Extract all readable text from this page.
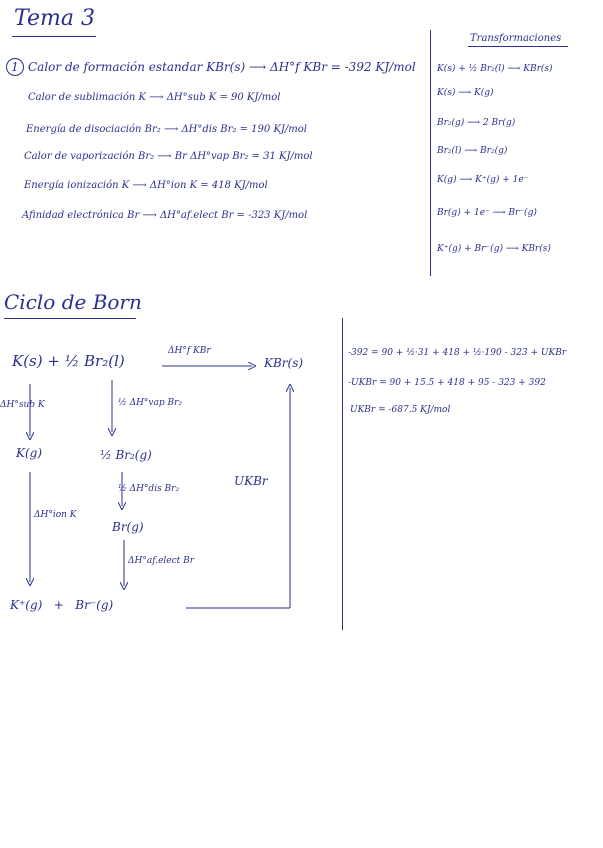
Tema 3
1 Calor de formación estandar KBr(s) ⟶ ΔH°f KBr = -392 KJ/mol
Calor de sublimación K ⟶ ΔH°sub K = 90 KJ/mol
Energía de disociación Br₂ ⟶ ΔH°dis Br₂ = 190 KJ/mol
Calor de vaporización Br₂ ⟶ Br ΔH°vap Br₂ = 31 KJ/mol
Energía ionización K ⟶ ΔH°ion K = 418 KJ/mol
Afinidad electrónica Br ⟶ ΔH°af.elect Br = -323 KJ/mol
Transformaciones
K(s) + ½ Br₂(l) ⟶ KBr(s)
K(s) ⟶ K(g)
Br₂(g) ⟶ 2 Br(g)
Br₂(l) ⟶ Br₂(g)
K(g) ⟶ K⁺(g) + 1e⁻
Br(g) + 1e⁻ ⟶ Br⁻(g)
K⁺(g) + Br⁻(g) ⟶ KBr(s)
Ciclo de Born
K(s) + ½ Br₂(l)
ΔH°f KBr
KBr(s)
ΔH°sub K
K(g)
ΔH°ion K
½ ΔH°vap Br₂
½ Br₂(g)
½ ΔH°dis Br₂
Br(g)
ΔH°af.elect Br
UKBr
K⁺(g)   +   Br⁻(g)
-392 = 90 + ½·31 + 418 + ½·190 - 323 + UKBr
-UKBr = 90 + 15.5 + 418 + 95 - 323 + 392
UKBr = -687.5 KJ/mol
